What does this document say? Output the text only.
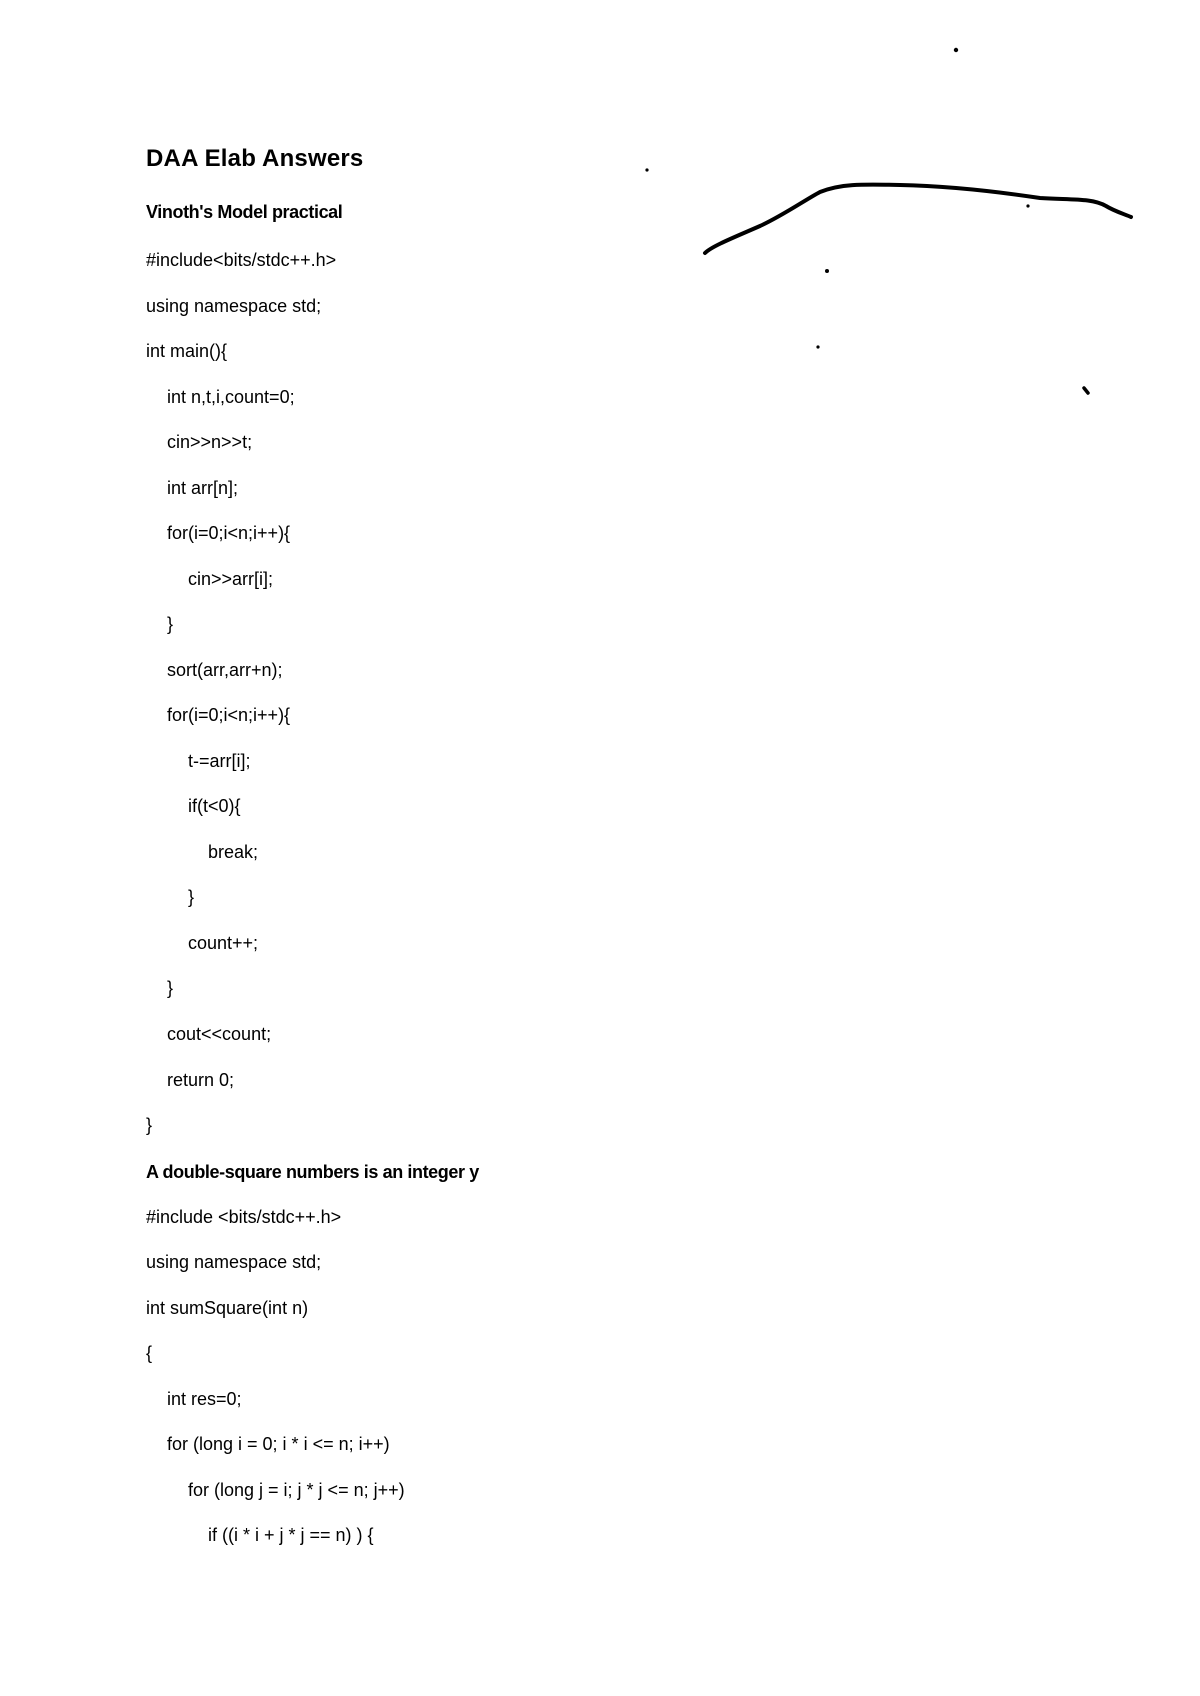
DAA Elab Answers
Vinoth's Model practical
#include<bits/stdc++.h>
using namespace std;
int main(){
int n,t,i,count=0;
cin>>n>>t;
int arr[n];
for(i=0;i<n;i++){
cin>>arr[i];
}
sort(arr,arr+n);
for(i=0;i<n;i++){
t-=arr[i];
if(t<0){
break;
}
count++;
}
cout<<count;
return 0;
}
A double-square numbers is an integer y
#include <bits/stdc++.h>
using namespace std;
int sumSquare(int n)
{
int res=0;
for (long i = 0; i * i <= n; i++)
for (long j = i; j * j <= n; j++)
if ((i * i + j * j == n) ) {
